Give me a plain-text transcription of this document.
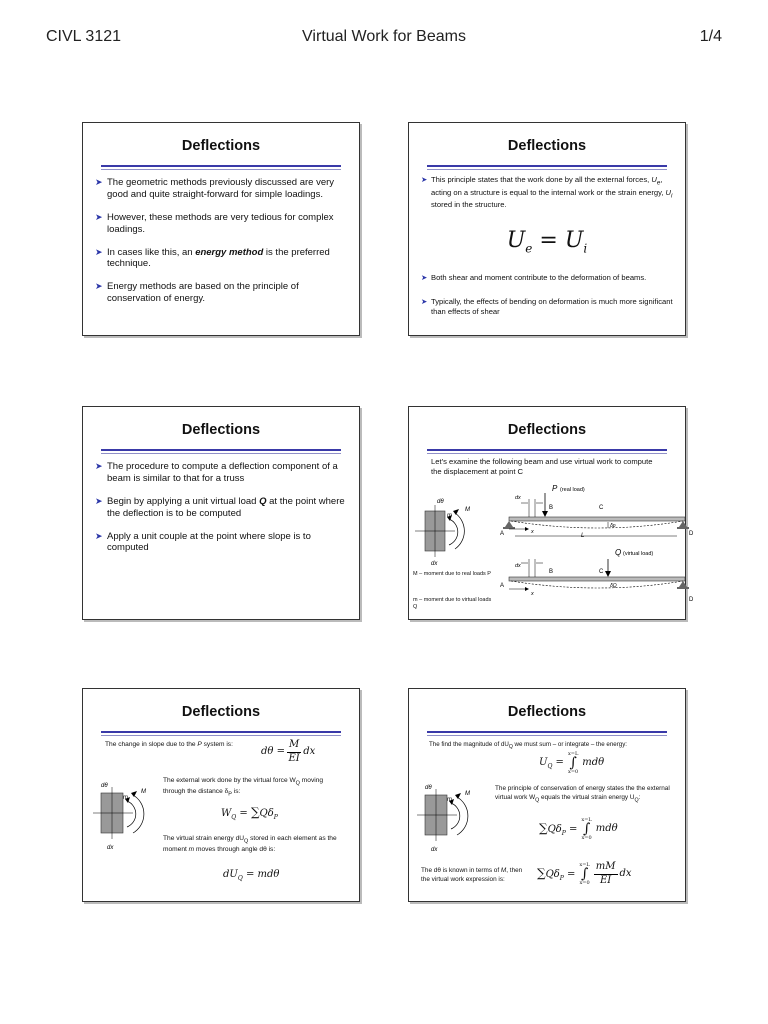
CIVL 3121	Virtual Work for Beams	1/4
Deflections
➤ The geometric methods previously discussed are very good and quite straight-forward for simple loadings.
➤ However, these methods are very tedious for complex loadings.
➤ In cases like this, an energy method is the preferred technique.
➤ Energy methods are based on the principle of conservation of energy.
Deflections
➤ This principle states that the work done by all the external forces, $U_e$, acting on a structure is equal to the internal work or the strain energy, $U_i$ stored in the structure.
$U_e = U_i$
➤ Both shear and moment contribute to the deformation of beams.
➤ Typically, the effects of bending on deformation is much more significant than effects of shear
Deflections
➤ The procedure to compute a deflection component of a beam is similar to that for a truss
➤ Begin by applying a unit virtual load Q at the point where the deflection is to be computed
➤ Apply a unit couple at the point where slope is to computed
Deflections
Let’s examine the following beam and use virtual work to compute the displacement at point C
dθ
m
M
dx
P (real load)
dx
B	C
A	D
L
x
δp
Q (virtual load)
dx
B	C
A
D
x
δQ
M – moment due to real loads P
m – moment due to virtual loads Q
Deflections
The change in slope due to the P system is:
$d\theta = \frac{M}{EI}$ dx
dθ
m
M
dx
The external work done by the virtual force $W_Q$ moving through the distance $\delta_P$ is:
$W_Q = \sum Q\delta_P$
The virtual strain energy $dU_Q$ stored in each element as the moment m moves through angle dθ is:
$dU_Q = md\theta$
Deflections
The find the magnitude of $dU_Q$ we must sum – or integrate – the energy:
$U_Q$ =
x=L
∫
x=0
mdθ
dθ
m
M
dx
The principle of conservation of energy states the the external virtual work $W_Q$ equals the virtual strain energy $U_Q$:
$\sum Q\delta_P$ =
x=L
∫
x=0
mdθ
The dθ is known in terms of M, then the virtual work expression is:	$\sum Q\delta_P$ =
x=L
∫
x=0
mM
EI
dx
